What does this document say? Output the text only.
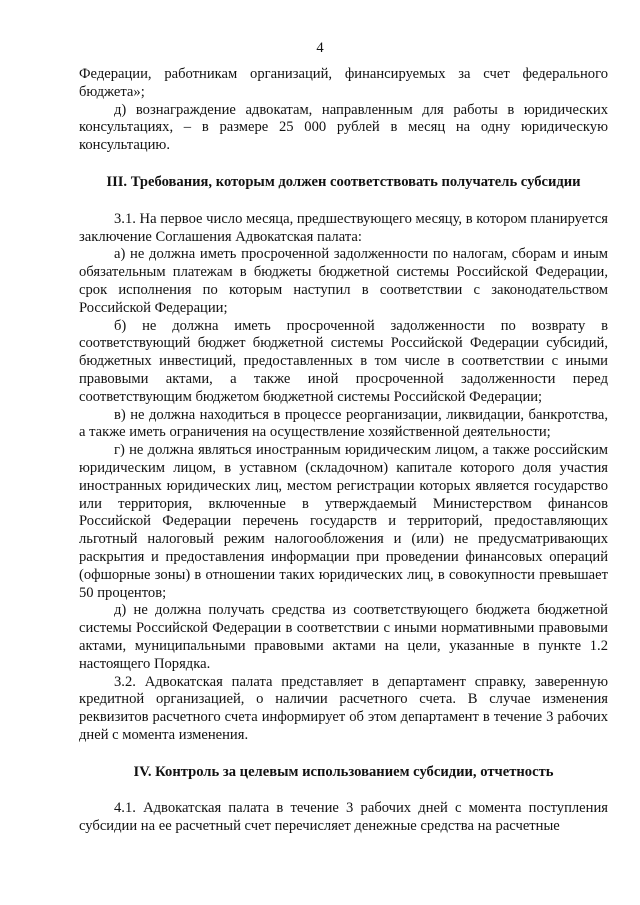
4

Федерации, работникам организаций, финансируемых за счет федерального бюджета»;

д) вознаграждение адвокатам, направленным для работы в юридических консультациях, – в размере 25 000 рублей в месяц на одну юридическую консультацию.

III. Требования, которым должен соответствовать получатель субсидии

3.1. На первое число месяца, предшествующего месяцу, в котором планируется заключение Соглашения Адвокатская палата:

а) не должна иметь просроченной задолженности по налогам, сборам и иным обязательным платежам в бюджеты бюджетной системы Российской Федерации, срок исполнения по которым наступил в соответствии с законодательством Российской Федерации;

б) не должна иметь просроченной задолженности по возврату в соответствующий бюджет бюджетной системы Российской Федерации субсидий, бюджетных инвестиций, предоставленных в том числе в соответствии с иными правовыми актами, а также иной просроченной задолженности перед соответствующим бюджетом бюджетной системы Российской Федерации;

в) не должна находиться в процессе реорганизации, ликвидации, банкротства, а также иметь ограничения на осуществление хозяйственной деятельности;

г) не должна являться иностранным юридическим лицом, а также российским юридическим лицом, в уставном (складочном) капитале которого доля участия иностранных юридических лиц, местом регистрации которых является государство или территория, включенные в утверждаемый Министерством финансов Российской Федерации перечень государств и территорий, предоставляющих льготный налоговый режим налогообложения и (или) не предусматривающих раскрытия и предоставления информации при проведении финансовых операций (офшорные зоны) в отношении таких юридических лиц, в совокупности превышает 50 процентов;

д) не должна получать средства из соответствующего бюджета бюджетной системы Российской Федерации в соответствии с иными нормативными правовыми актами, муниципальными правовыми актами на цели, указанные в пункте 1.2 настоящего Порядка.

3.2. Адвокатская палата представляет в департамент справку, заверенную кредитной организацией, о наличии расчетного счета. В случае изменения реквизитов расчетного счета информирует об этом департамент в течение 3 рабочих дней с момента изменения.

IV. Контроль за целевым использованием субсидии, отчетность

4.1. Адвокатская палата в течение 3 рабочих дней с момента поступления субсидии на ее расчетный счет перечисляет денежные средства на расчетные
